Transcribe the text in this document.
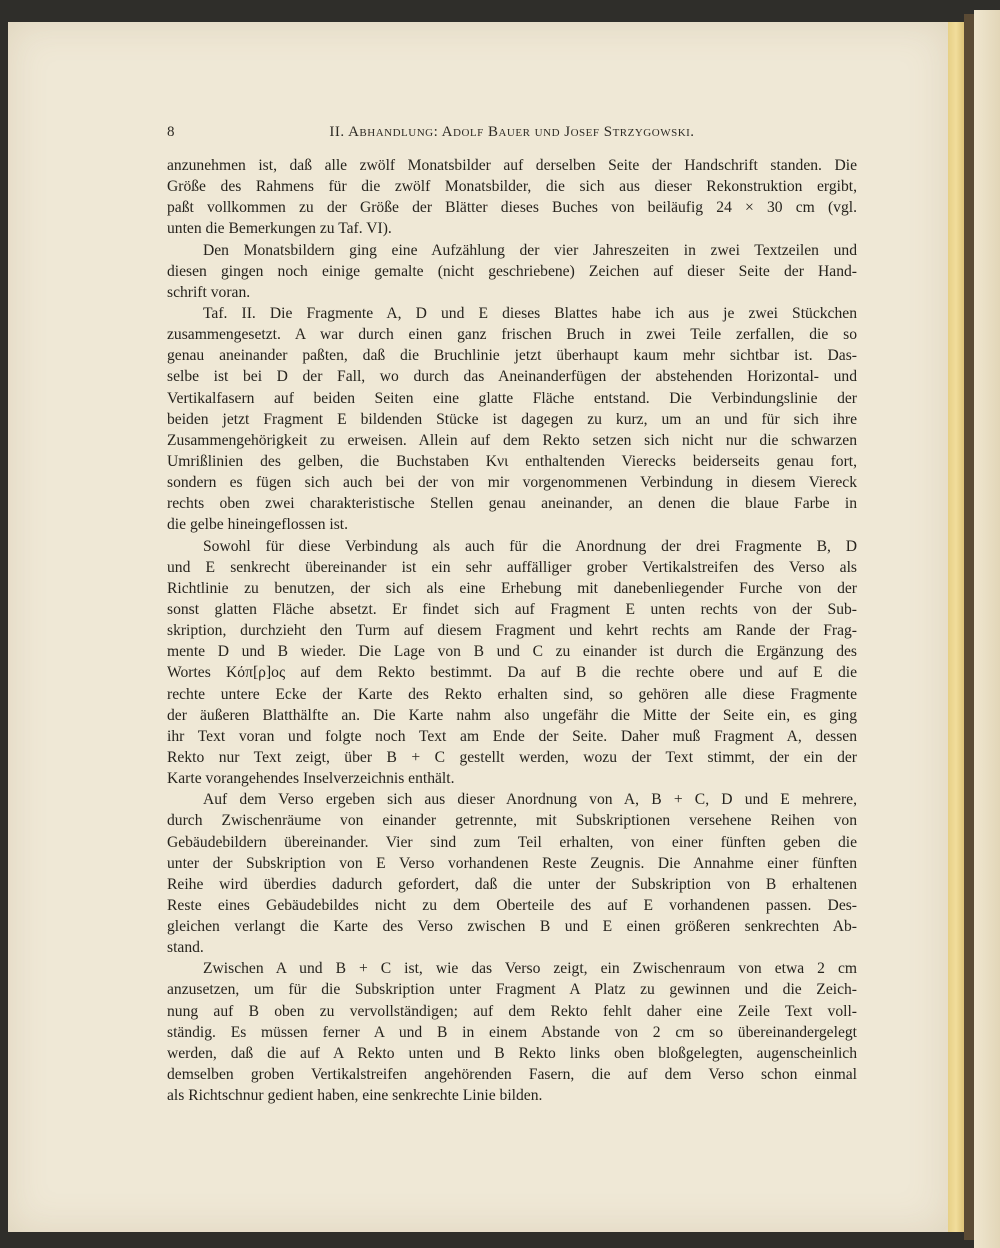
8	II. Abhandlung: Adolf Bauer und Josef Strzygowski.
anzunehmen ist, daß alle zwölf Monatsbilder auf derselben Seite der Handschrift standen. Die
Größe des Rahmens für die zwölf Monatsbilder, die sich aus dieser Rekonstruktion ergibt,
paßt vollkommen zu der Größe der Blätter dieses Buches von beiläufig 24 × 30 cm (vgl.
unten die Bemerkungen zu Taf. VI).
Den Monatsbildern ging eine Aufzählung der vier Jahreszeiten in zwei Textzeilen und
diesen gingen noch einige gemalte (nicht geschriebene) Zeichen auf dieser Seite der Hand-
schrift voran.
Taf. II. Die Fragmente A, D und E dieses Blattes habe ich aus je zwei Stückchen
zusammengesetzt. A war durch einen ganz frischen Bruch in zwei Teile zerfallen, die so
genau aneinander paßten, daß die Bruchlinie jetzt überhaupt kaum mehr sichtbar ist. Das-
selbe ist bei D der Fall, wo durch das Aneinanderfügen der abstehenden Horizontal- und
Vertikalfasern auf beiden Seiten eine glatte Fläche entstand. Die Verbindungslinie der
beiden jetzt Fragment E bildenden Stücke ist dagegen zu kurz, um an und für sich ihre
Zusammengehörigkeit zu erweisen. Allein auf dem Rekto setzen sich nicht nur die schwarzen
Umrißlinien des gelben, die Buchstaben Κνι enthaltenden Vierecks beiderseits genau fort,
sondern es fügen sich auch bei der von mir vorgenommenen Verbindung in diesem Viereck
rechts oben zwei charakteristische Stellen genau aneinander, an denen die blaue Farbe in
die gelbe hineingeflossen ist.
Sowohl für diese Verbindung als auch für die Anordnung der drei Fragmente B, D
und E senkrecht übereinander ist ein sehr auffälliger grober Vertikalstreifen des Verso als
Richtlinie zu benutzen, der sich als eine Erhebung mit danebenliegender Furche von der
sonst glatten Fläche absetzt. Er findet sich auf Fragment E unten rechts von der Sub-
skription, durchzieht den Turm auf diesem Fragment und kehrt rechts am Rande der Frag-
mente D und B wieder. Die Lage von B und C zu einander ist durch die Ergänzung des
Wortes Κόπ[ρ]ος auf dem Rekto bestimmt. Da auf B die rechte obere und auf E die
rechte untere Ecke der Karte des Rekto erhalten sind, so gehören alle diese Fragmente
der äußeren Blatthälfte an. Die Karte nahm also ungefähr die Mitte der Seite ein, es ging
ihr Text voran und folgte noch Text am Ende der Seite. Daher muß Fragment A, dessen
Rekto nur Text zeigt, über B + C gestellt werden, wozu der Text stimmt, der ein der
Karte vorangehendes Inselverzeichnis enthält.
Auf dem Verso ergeben sich aus dieser Anordnung von A, B + C, D und E mehrere,
durch Zwischenräume von einander getrennte, mit Subskriptionen versehene Reihen von
Gebäudebildern übereinander. Vier sind zum Teil erhalten, von einer fünften geben die
unter der Subskription von E Verso vorhandenen Reste Zeugnis. Die Annahme einer fünften
Reihe wird überdies dadurch gefordert, daß die unter der Subskription von B erhaltenen
Reste eines Gebäudebildes nicht zu dem Oberteile des auf E vorhandenen passen. Des-
gleichen verlangt die Karte des Verso zwischen B und E einen größeren senkrechten Ab-
stand.
Zwischen A und B + C ist, wie das Verso zeigt, ein Zwischenraum von etwa 2 cm
anzusetzen, um für die Subskription unter Fragment A Platz zu gewinnen und die Zeich-
nung auf B oben zu vervollständigen; auf dem Rekto fehlt daher eine Zeile Text voll-
ständig. Es müssen ferner A und B in einem Abstande von 2 cm so übereinandergelegt
werden, daß die auf A Rekto unten und B Rekto links oben bloßgelegten, augenscheinlich
demselben groben Vertikalstreifen angehörenden Fasern, die auf dem Verso schon einmal
als Richtschnur gedient haben, eine senkrechte Linie bilden.
